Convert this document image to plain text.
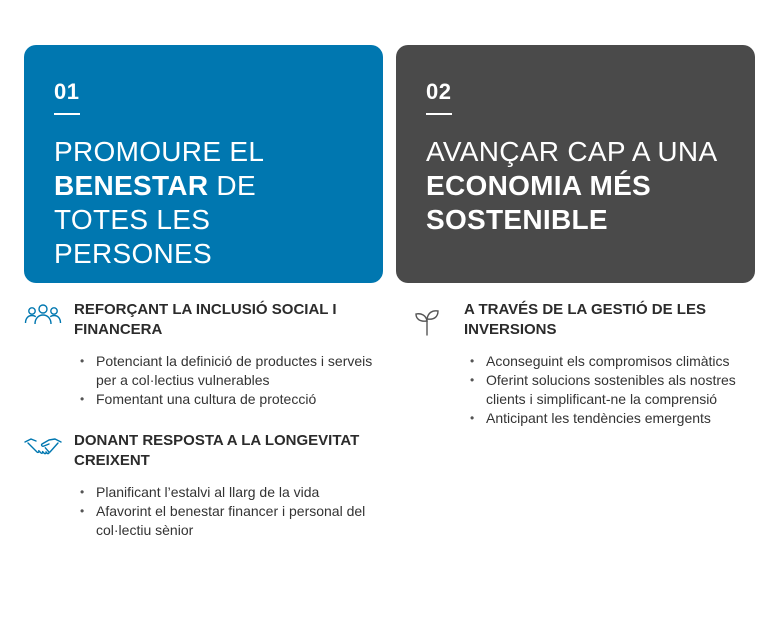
01
PROMOURE EL BENESTAR DE TOTES LES PERSONES
02
AVANÇAR CAP A UNA ECONOMIA MÉS SOSTENIBLE
REFORÇANT LA INCLUSIÓ SOCIAL I FINANCERA
• Potenciant la definició de productes i serveis per a col·lectius vulnerables
• Fomentant una cultura de protecció
DONANT RESPOSTA A LA LONGEVITAT CREIXENT
• Planificant l’estalvi al llarg de la vida
• Afavorint el benestar financer i personal del col·lectiu sènior
A TRAVÉS DE LA GESTIÓ DE LES INVERSIONS
• Aconseguint els compromisos climàtics
• Oferint solucions sostenibles als nostres clients i simplificant-ne la comprensió
• Anticipant les tendències emergents
